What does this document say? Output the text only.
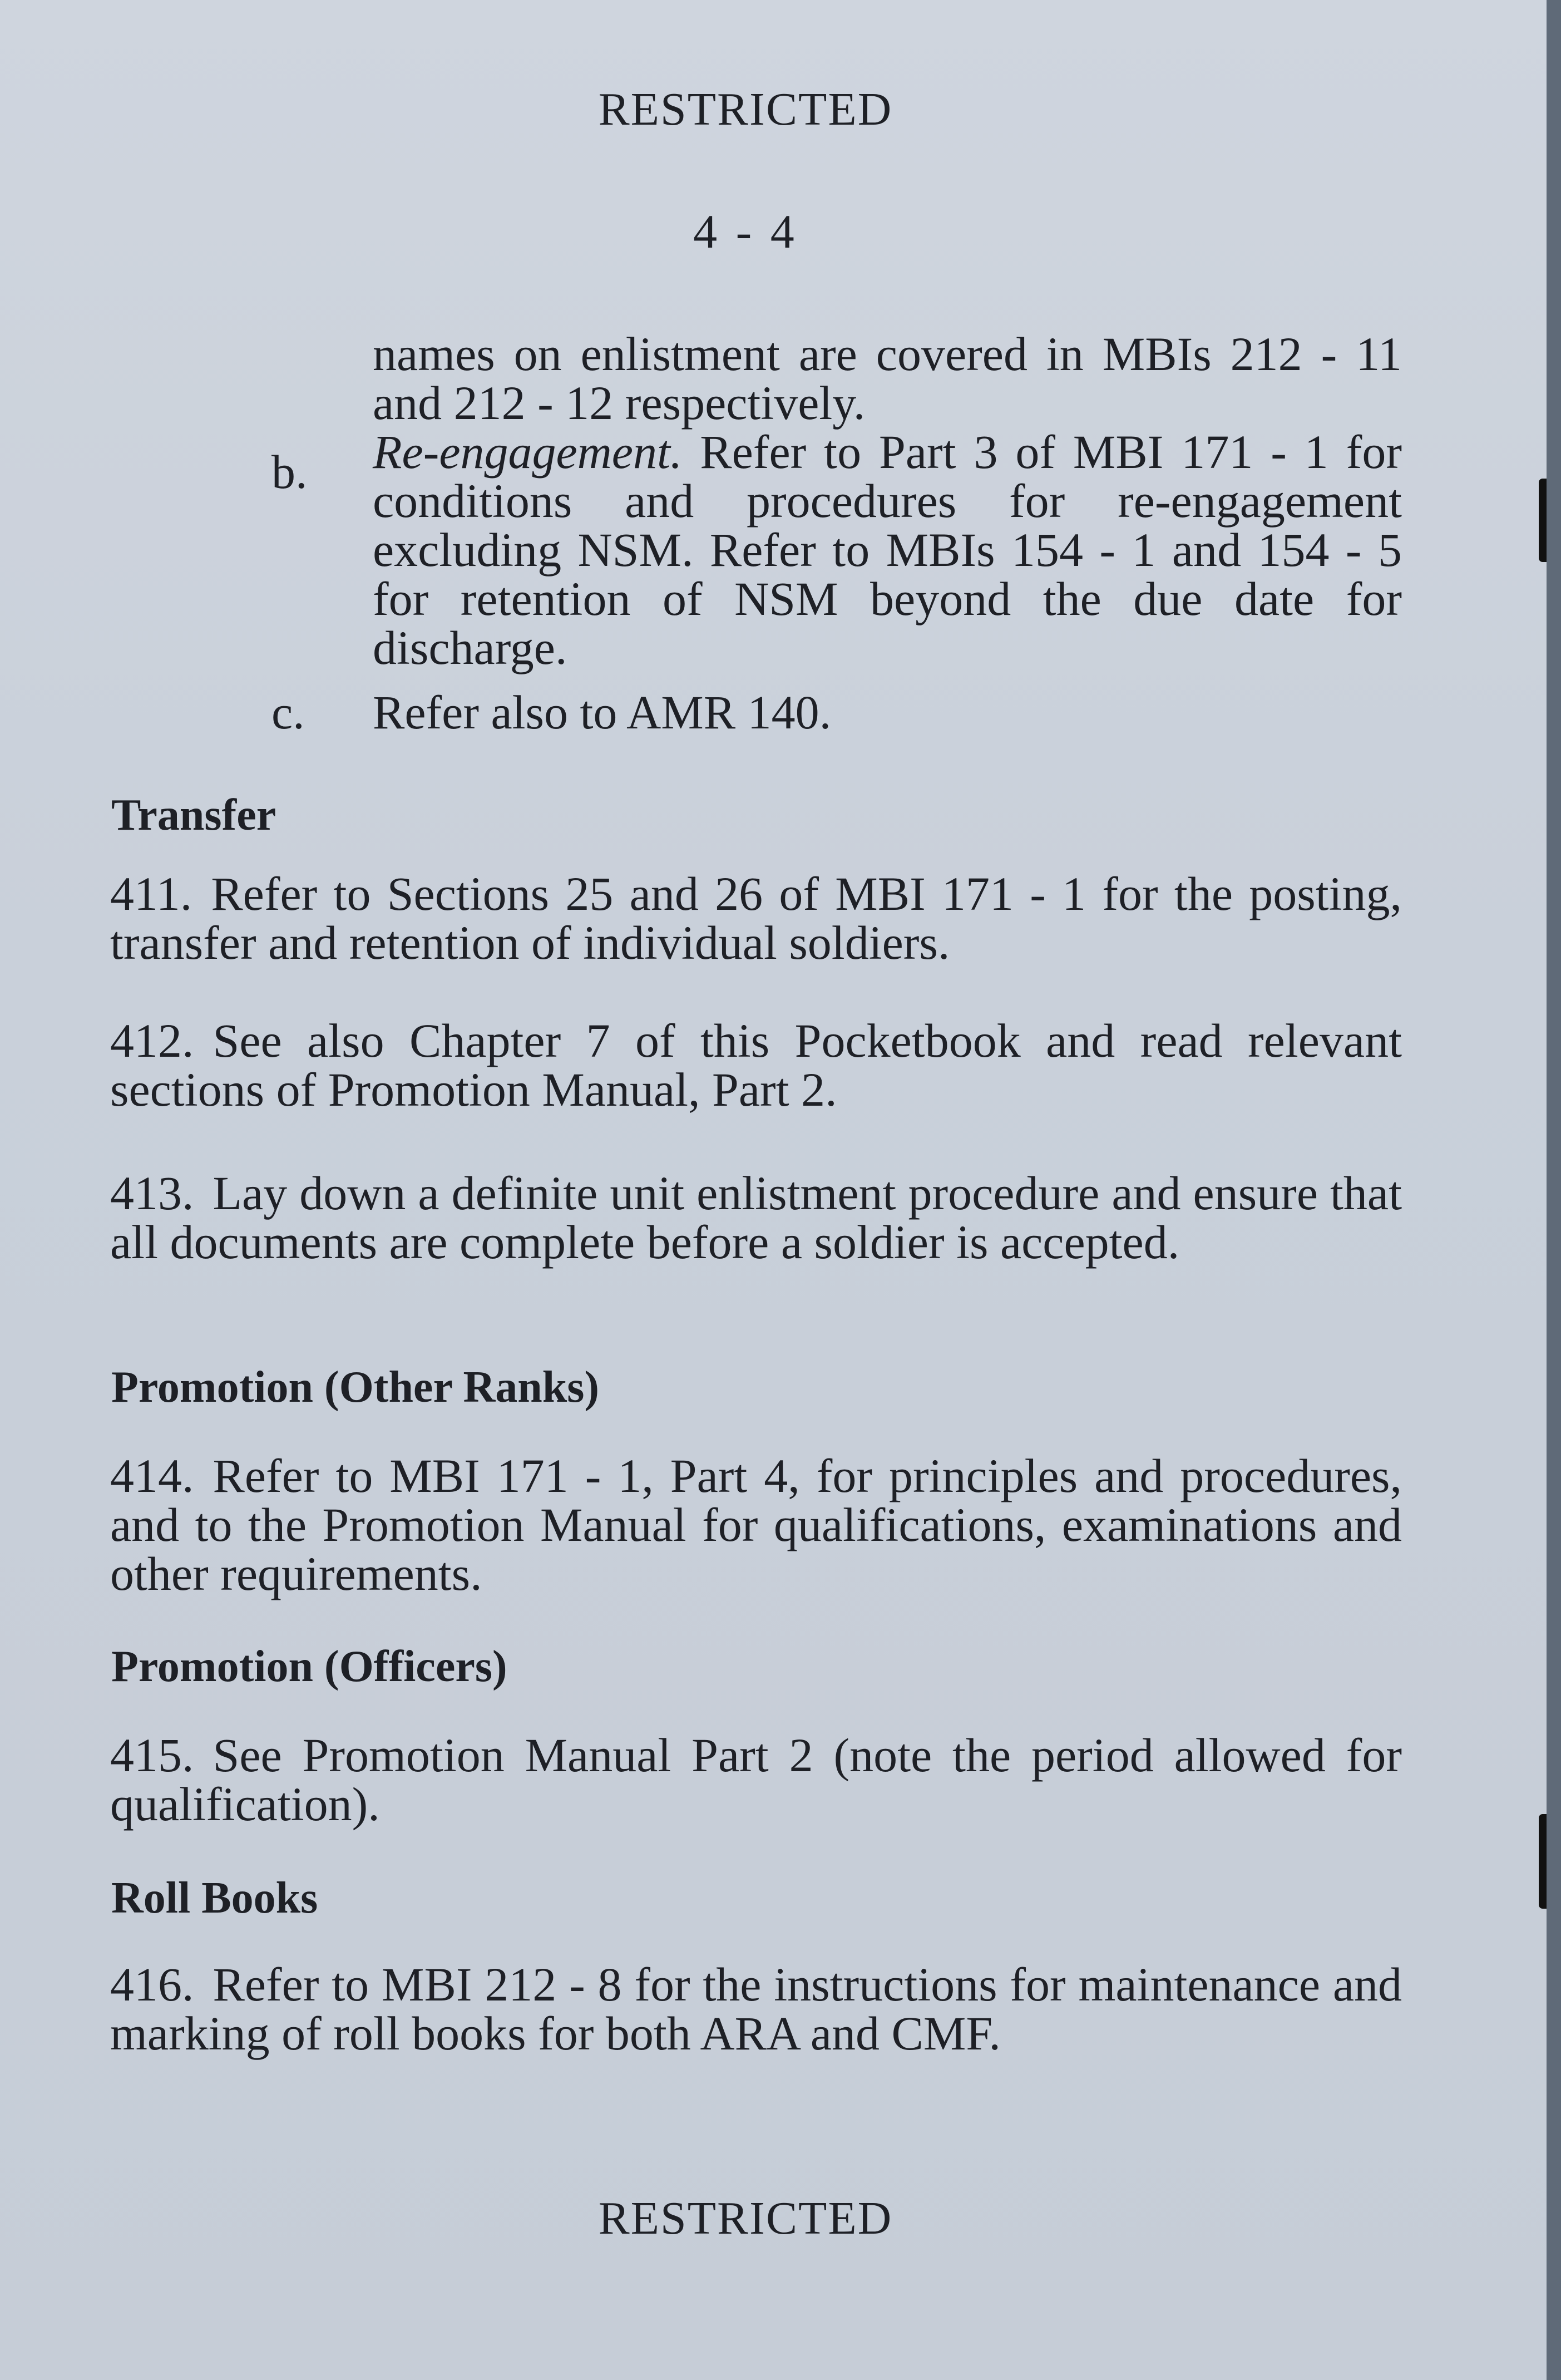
RESTRICTED
4 - 4
names on enlistment are covered in MBIs 212 - 11 and 212 - 12 respectively.
b. Re-engagement. Refer to Part 3 of MBI 171 - 1 for conditions and procedures for re-engagement excluding NSM. Refer to MBIs 154 - 1 and 154 - 5 for retention of NSM beyond the due date for discharge.
c. Refer also to AMR 140.
Transfer
411. Refer to Sections 25 and 26 of MBI 171 - 1 for the posting, transfer and retention of individual soldiers.
412. See also Chapter 7 of this Pocketbook and read relevant sections of Promotion Manual, Part 2.
413. Lay down a definite unit enlistment procedure and ensure that all documents are complete before a soldier is accepted.
Promotion (Other Ranks)
414. Refer to MBI 171 - 1, Part 4, for principles and procedures, and to the Promotion Manual for qualifications, examinations and other requirements.
Promotion (Officers)
415. See Promotion Manual Part 2 (note the period allowed for qualification).
Roll Books
416. Refer to MBI 212 - 8 for the instructions for maintenance and marking of roll books for both ARA and CMF.
RESTRICTED
